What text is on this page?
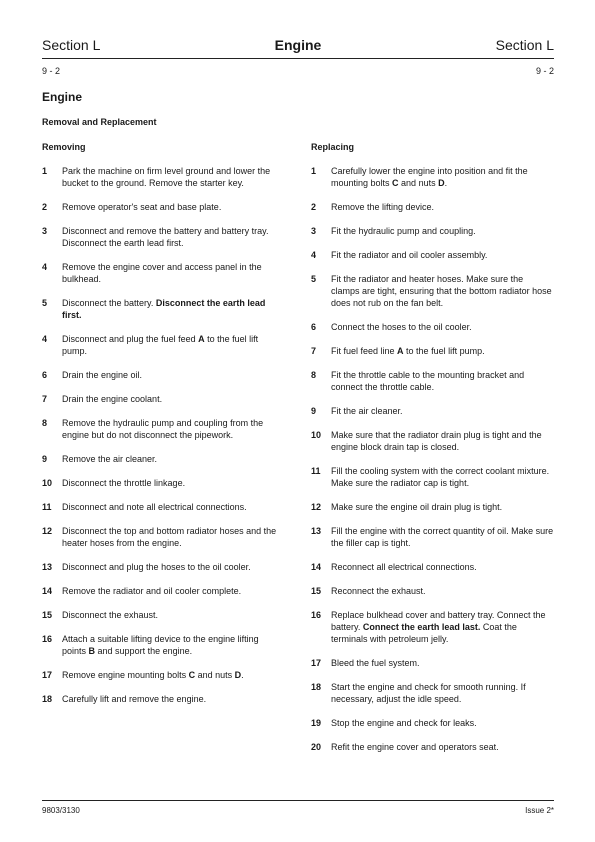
Section L	Engine	Section L
9 - 2	9 - 2
Engine
Removal and Replacement
Removing
1 Park the machine on firm level ground and lower the bucket to the ground. Remove the starter key.
2 Remove operator's seat and base plate.
3 Disconnect and remove the battery and battery tray. Disconnect the earth lead first.
4 Remove the engine cover and access panel in the bulkhead.
5 Disconnect the battery. Disconnect the earth lead first.
4 Disconnect and plug the fuel feed A to the fuel lift pump.
6 Drain the engine oil.
7 Drain the engine coolant.
8 Remove the hydraulic pump and coupling from the engine but do not disconnect the pipework.
9 Remove the air cleaner.
10 Disconnect the throttle linkage.
11 Disconnect and note all electrical connections.
12 Disconnect the top and bottom radiator hoses and the heater hoses from the engine.
13 Disconnect and plug the hoses to the oil cooler.
14 Remove the radiator and oil cooler complete.
15 Disconnect the exhaust.
16 Attach a suitable lifting device to the engine lifting points B and support the engine.
17 Remove engine mounting bolts C and nuts D.
18 Carefully lift and remove the engine.
Replacing
1 Carefully lower the engine into position and fit the mounting bolts C and nuts D.
2 Remove the lifting device.
3 Fit the hydraulic pump and coupling.
4 Fit the radiator and oil cooler assembly.
5 Fit the radiator and heater hoses. Make sure the clamps are tight, ensuring that the bottom radiator hose does not rub on the fan belt.
6 Connect the hoses to the oil cooler.
7 Fit fuel feed line A to the fuel lift pump.
8 Fit the throttle cable to the mounting bracket and connect the throttle cable.
9 Fit the air cleaner.
10 Make sure that the radiator drain plug is tight and the engine block drain tap is closed.
11 Fill the cooling system with the correct coolant mixture. Make sure the radiator cap is tight.
12 Make sure the engine oil drain plug is tight.
13 Fill the engine with the correct quantity of oil. Make sure the filler cap is tight.
14 Reconnect all electrical connections.
15 Reconnect the exhaust.
16 Replace bulkhead cover and battery tray. Connect the battery. Connect the earth lead last. Coat the terminals with petroleum jelly.
17 Bleed the fuel system.
18 Start the engine and check for smooth running. If necessary, adjust the idle speed.
19 Stop the engine and check for leaks.
20 Refit the engine cover and operators seat.
9803/3130	Issue 2*
